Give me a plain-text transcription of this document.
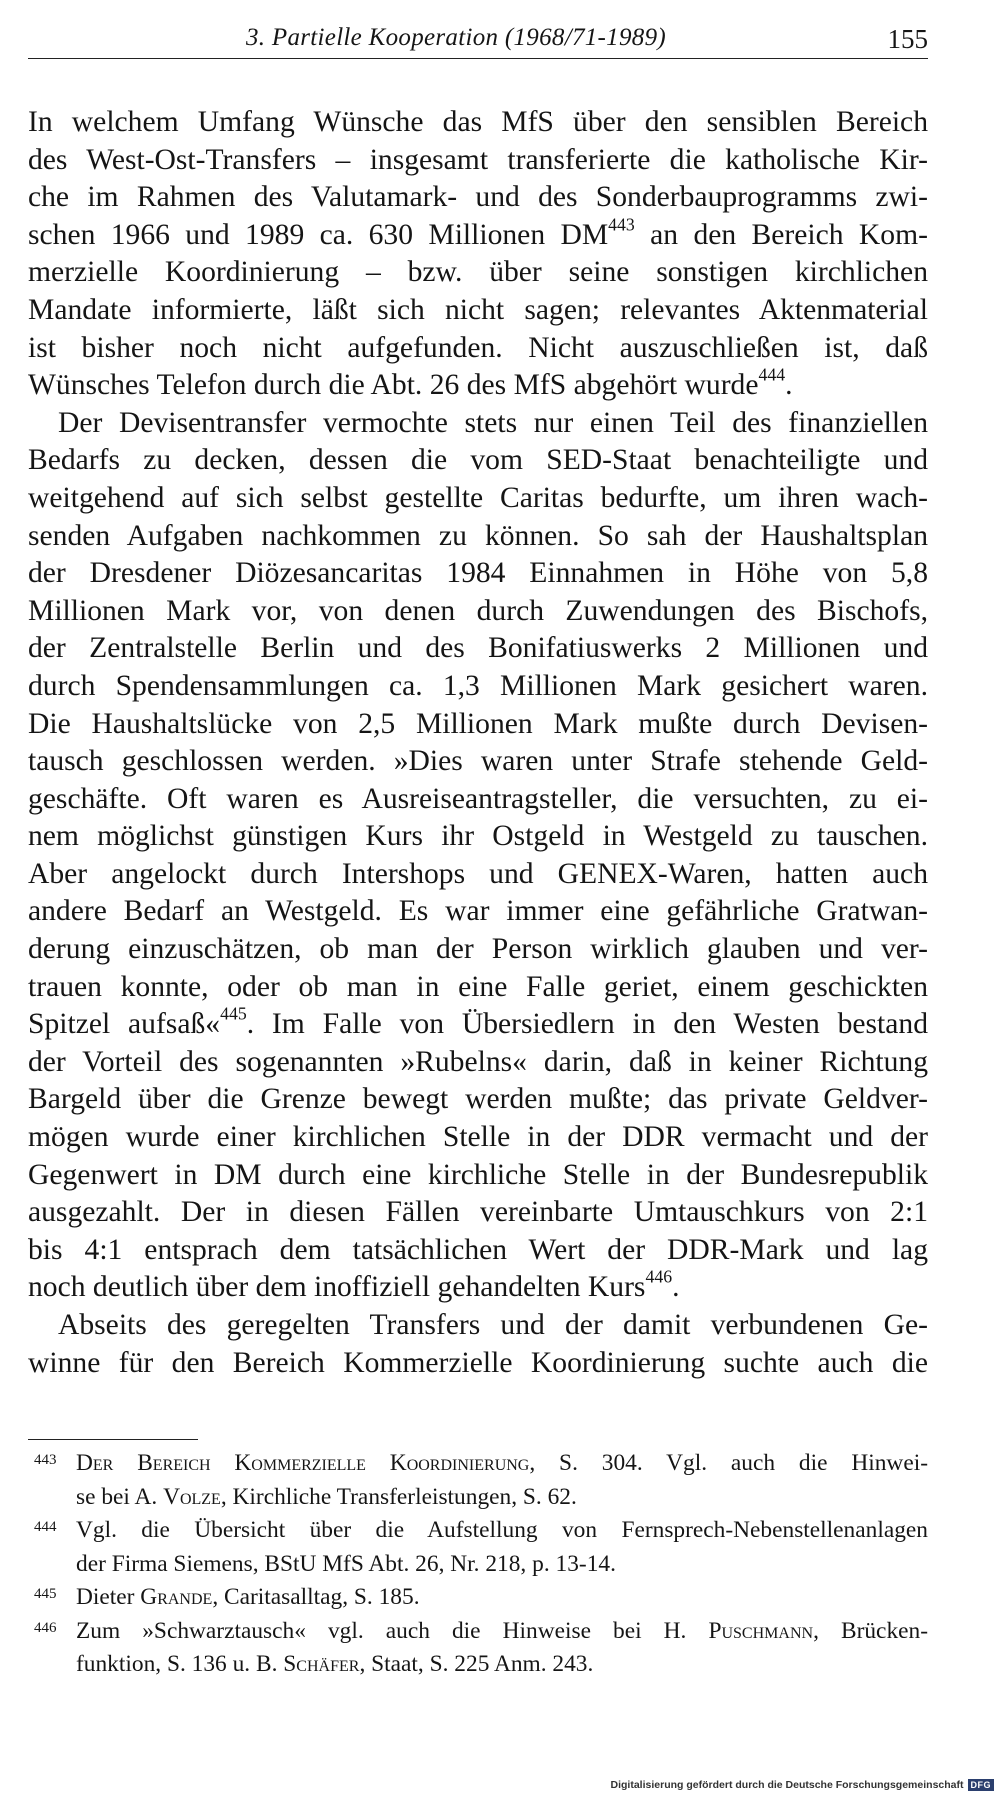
3. Partielle Kooperation (1968/71-1989)	155
In welchem Umfang Wünsche das MfS über den sensiblen Bereich
des West-Ost-Transfers – insgesamt transferierte die katholische Kir-
che im Rahmen des Valutamark- und des Sonderbauprogramms zwi-
schen 1966 und 1989 ca. 630 Millionen DM$^{443}$ an den Bereich Kom-
merzielle Koordinierung – bzw. über seine sonstigen kirchlichen
Mandate informierte, läßt sich nicht sagen; relevantes Aktenmaterial
ist bisher noch nicht aufgefunden. Nicht auszuschließen ist, daß
Wünsches Telefon durch die Abt. 26 des MfS abgehört wurde$^{444}$.
Der Devisentransfer vermochte stets nur einen Teil des finanziellen
Bedarfs zu decken, dessen die vom SED-Staat benachteiligte und
weitgehend auf sich selbst gestellte Caritas bedurfte, um ihren wach-
senden Aufgaben nachkommen zu können. So sah der Haushaltsplan
der Dresdener Diözesancaritas 1984 Einnahmen in Höhe von 5,8
Millionen Mark vor, von denen durch Zuwendungen des Bischofs,
der Zentralstelle Berlin und des Bonifatiuswerks 2 Millionen und
durch Spendensammlungen ca. 1,3 Millionen Mark gesichert waren.
Die Haushaltslücke von 2,5 Millionen Mark mußte durch Devisen-
tausch geschlossen werden. »Dies waren unter Strafe stehende Geld-
geschäfte. Oft waren es Ausreiseantragsteller, die versuchten, zu ei-
nem möglichst günstigen Kurs ihr Ostgeld in Westgeld zu tauschen.
Aber angelockt durch Intershops und GENEX-Waren, hatten auch
andere Bedarf an Westgeld. Es war immer eine gefährliche Gratwan-
derung einzuschätzen, ob man der Person wirklich glauben und ver-
trauen konnte, oder ob man in eine Falle geriet, einem geschickten
Spitzel aufsaß«$^{445}$. Im Falle von Übersiedlern in den Westen bestand
der Vorteil des sogenannten »Rubelns« darin, daß in keiner Richtung
Bargeld über die Grenze bewegt werden mußte; das private Geldver-
mögen wurde einer kirchlichen Stelle in der DDR vermacht und der
Gegenwert in DM durch eine kirchliche Stelle in der Bundesrepublik
ausgezahlt. Der in diesen Fällen vereinbarte Umtauschkurs von 2:1
bis 4:1 entsprach dem tatsächlichen Wert der DDR-Mark und lag
noch deutlich über dem inoffiziell gehandelten Kurs$^{446}$.
Abseits des geregelten Transfers und der damit verbundenen Ge-
winne für den Bereich Kommerzielle Koordinierung suchte auch die
443 Der Bereich Kommerzielle Koordinierung, S. 304. Vgl. auch die Hinwei-
se bei A. Volze, Kirchliche Transferleistungen, S. 62.
444 Vgl. die Übersicht über die Aufstellung von Fernsprech-Nebenstellenanlagen
der Firma Siemens, BStU MfS Abt. 26, Nr. 218, p. 13-14.
445 Dieter Grande, Caritasalltag, S. 185.
446 Zum »Schwarztausch« vgl. auch die Hinweise bei H. Puschmann, Brücken-
funktion, S. 136 u. B. Schäfer, Staat, S. 225 Anm. 243.
Digitalisierung gefördert durch die Deutsche Forschungsgemeinschaft DFG
